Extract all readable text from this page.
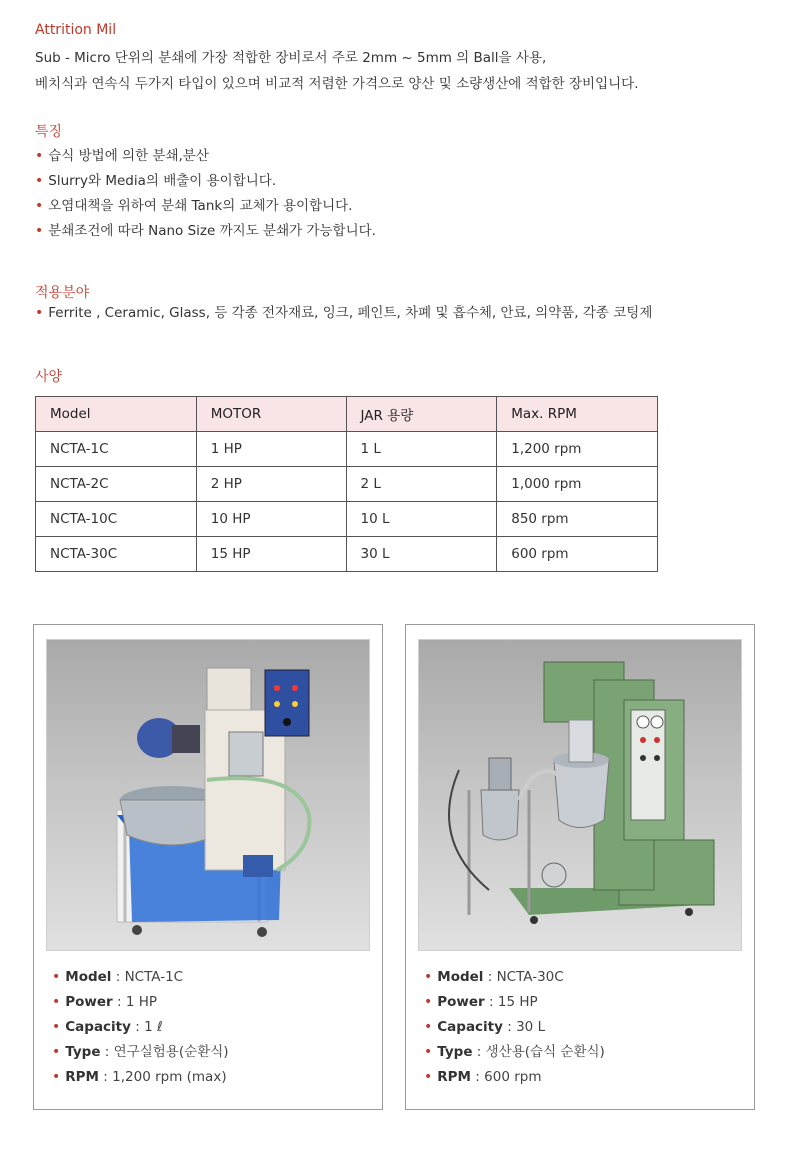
Attrition Mil
Sub - Micro 단위의 분쇄에 가장 적합한 장비로서 주로 2mm ~ 5mm 의 Ball을 사용,
베치식과 연속식 두가지 타입이 있으며 비교적 저렴한 가격으로 양산 및 소량생산에 적합한 장비입니다.
특징
• 습식 방법에 의한 분쇄,분산
• Slurry와 Media의 배출이 용이합니다.
• 오염대책을 위하여 분쇄 Tank의 교체가 용이합니다.
• 분쇄조건에 따라 Nano Size 까지도 분쇄가 가능합니다.
적용분야
• Ferrite , Ceramic, Glass, 등 각종 전자재료, 잉크, 페인트, 차폐 및 흡수체, 안료, 의약품, 각종 코팅제
사양
Model	MOTOR	JAR 용량	Max. RPM
NCTA-1C	1 HP	1 L	1,200 rpm
NCTA-2C	2 HP	2 L	1,000 rpm
NCTA-10C	10 HP	10 L	850 rpm
NCTA-30C	15 HP	30 L	600 rpm
• Model : NCTA-1C
• Power : 1 HP
• Capacity : 1 ℓ
• Type : 연구실험용(순환식)
• RPM : 1,200 rpm (max)
• Model : NCTA-30C
• Power : 15 HP
• Capacity : 30 L
• Type : 생산용(습식 순환식)
• RPM : 600 rpm
